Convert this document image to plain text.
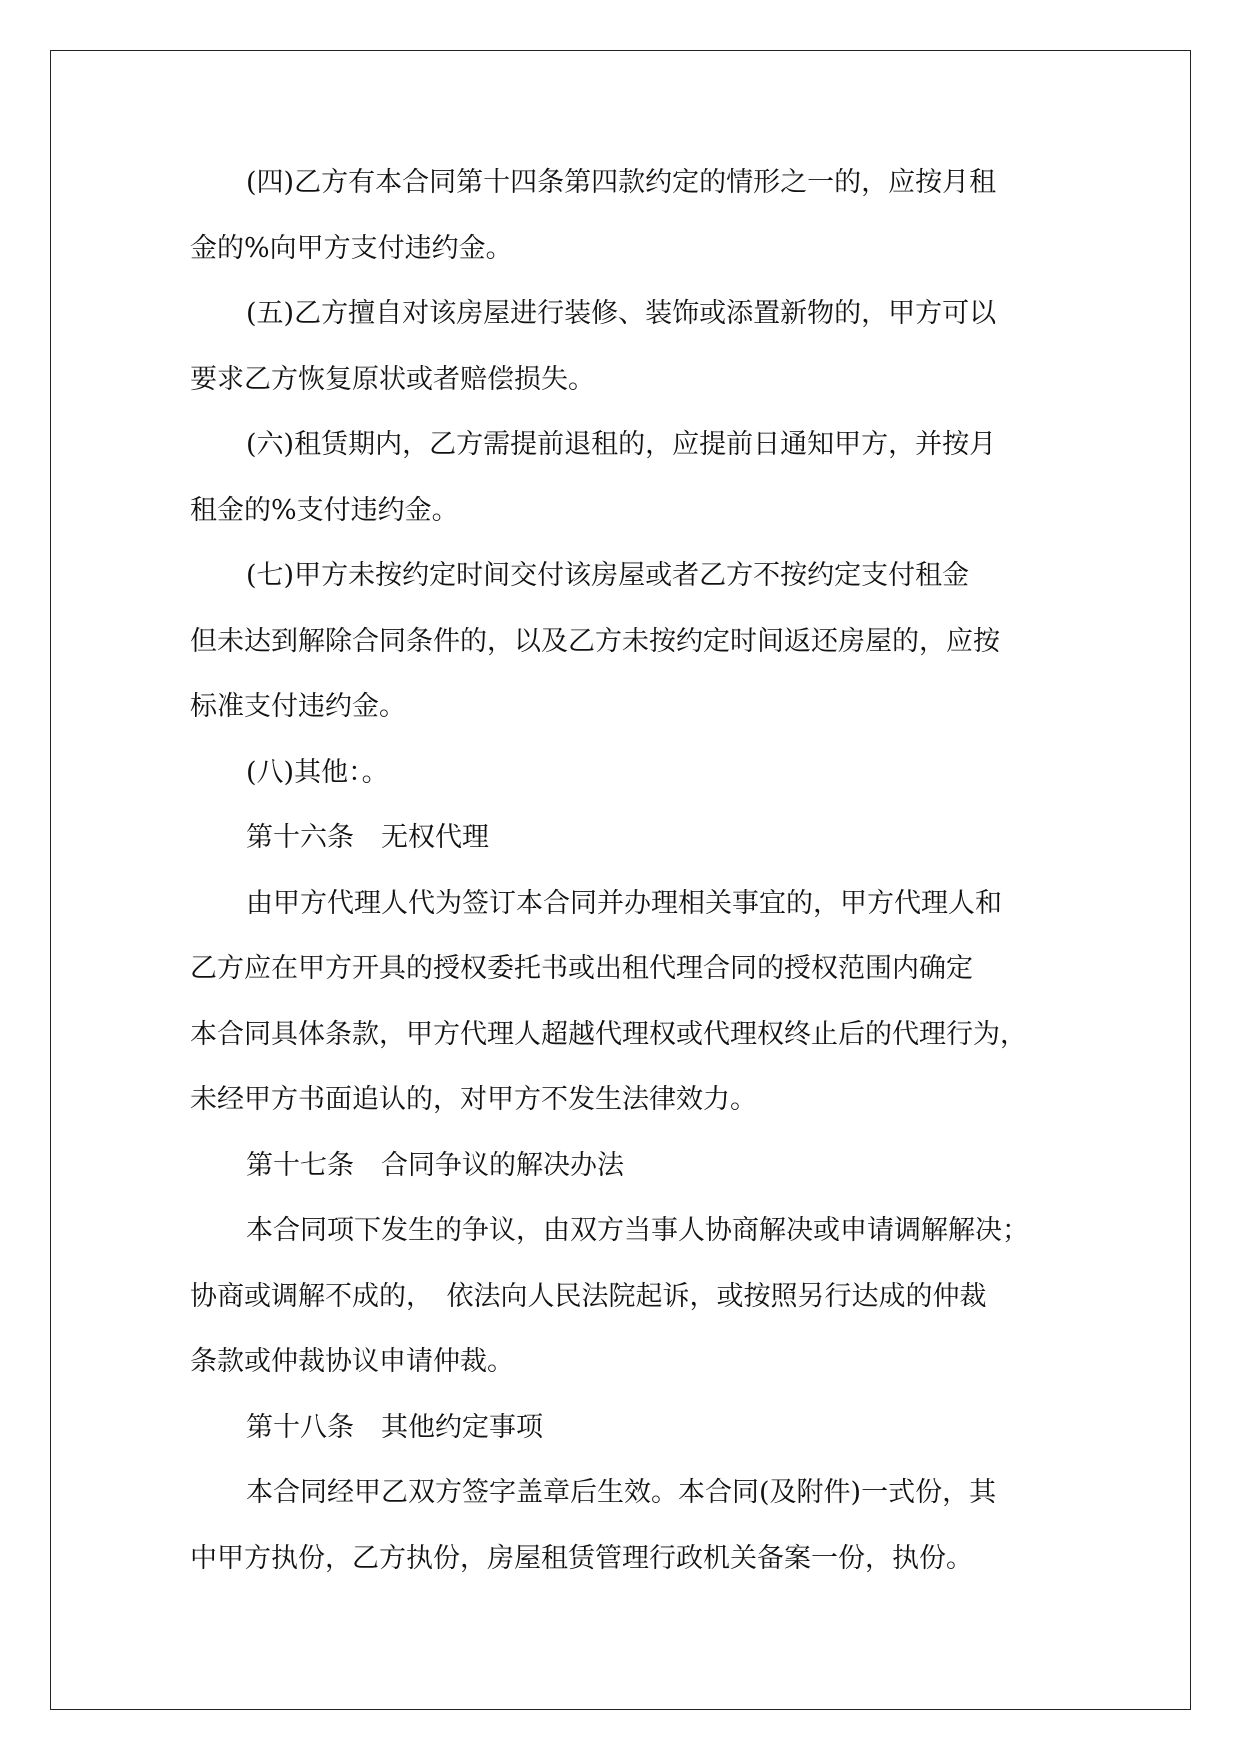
(四)乙方有本合同第十四条第四款约定的情形之一的，应按月租
金的%向甲方支付违约金。
(五)乙方擅自对该房屋进行装修、装饰或添置新物的，甲方可以
要求乙方恢复原状或者赔偿损失。
(六)租赁期内，乙方需提前退租的，应提前日通知甲方，并按月
租金的%支付违约金。
(七)甲方未按约定时间交付该房屋或者乙方不按约定支付租金
但未达到解除合同条件的，以及乙方未按约定时间返还房屋的，应按
标准支付违约金。
(八)其他：。
第十六条　无权代理
由甲方代理人代为签订本合同并办理相关事宜的，甲方代理人和
乙方应在甲方开具的授权委托书或出租代理合同的授权范围内确定
本合同具体条款，甲方代理人超越代理权或代理权终止后的代理行为，
未经甲方书面追认的，对甲方不发生法律效力。
第十七条　合同争议的解决办法
本合同项下发生的争议，由双方当事人协商解决或申请调解解决；
协商或调解不成的，　依法向人民法院起诉，或按照另行达成的仲裁
条款或仲裁协议申请仲裁。
第十八条　其他约定事项
本合同经甲乙双方签字盖章后生效。本合同(及附件)一式份，其
中甲方执份，乙方执份，房屋租赁管理行政机关备案一份，执份。
